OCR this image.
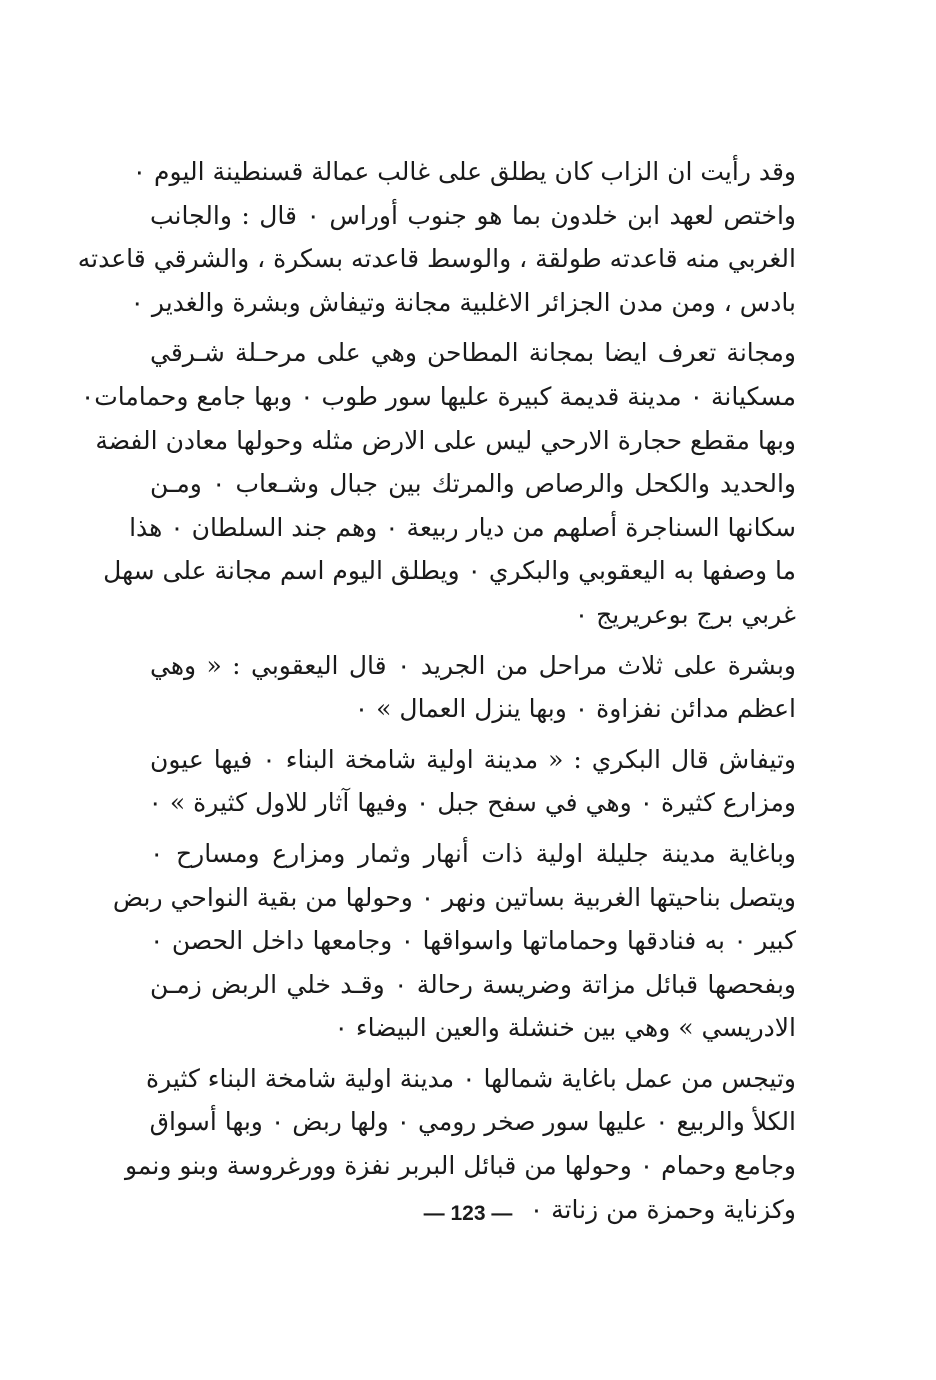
وقد رأيت ان الزاب كان يطلق على غالب عمالة قسنطينة اليوم ٠
واختص لعهد ابن خلدون بما هو جنوب أوراس ٠ قال : والجانب
الغربي منه قاعدته طولقة ، والوسط قاعدته بسكرة ، والشرقي قاعدته
بادس ، ومن مدن الجزائر الاغلبية مجانة وتيفاش وبشرة والغدير ٠
ومجانة تعرف ايضا بمجانة المطاحن وهي على مرحـلة شـرقي
مسكيانة ٠ مدينة قديمة كبيرة عليها سور طوب ٠ وبها جامع وحمامات٠
وبها مقطع حجارة الارحي ليس على الارض مثله وحولها معادن الفضة
والحديد والكحل والرصاص والمرتك بين جبال وشـعاب ٠ ومـن
سكانها السناجرة أصلهم من ديار ربيعة ٠ وهم جند السلطان ٠ هذا
ما وصفها به اليعقوبي والبكري ٠ ويطلق اليوم اسم مجانة على سهل
غربي برج بوعريريج ٠
وبشرة على ثلاث مراحل من الجريد ٠ قال اليعقوبي : « وهي
اعظم مدائن نفزاوة ٠ وبها ينزل العمال » ٠
وتيفاش قال البكري : « مدينة اولية شامخة البناء ٠ فيها عيون
ومزارع كثيرة ٠ وهي في سفح جبل ٠ وفيها آثار للاول كثيرة » ٠
وباغاية مدينة جليلة اولية ذات أنهار وثمار ومزارع ومسارح ٠
ويتصل بناحيتها الغربية بساتين ونهر ٠ وحولها من بقية النواحي ربض
كبير ٠ به فنادقها وحماماتها واسواقها ٠ وجامعها داخل الحصن ٠
وبفحصها قبائل مزاتة وضريسة رحالة ٠ وقـد خلي الربض زمـن
الادريسي » وهي بين خنشلة والعين البيضاء ٠
وتيجس من عمل باغاية شمالها ٠ مدينة اولية شامخة البناء كثيرة
الكلأ والربيع ٠ عليها سور صخر رومي ٠ ولها ربض ٠ وبها أسواق
وجامع وحمام ٠ وحولها من قبائل البربر نفزة وورغروسة وبنو ونمو
وكزناية وحمزة من زناتة ٠
— 123 —
